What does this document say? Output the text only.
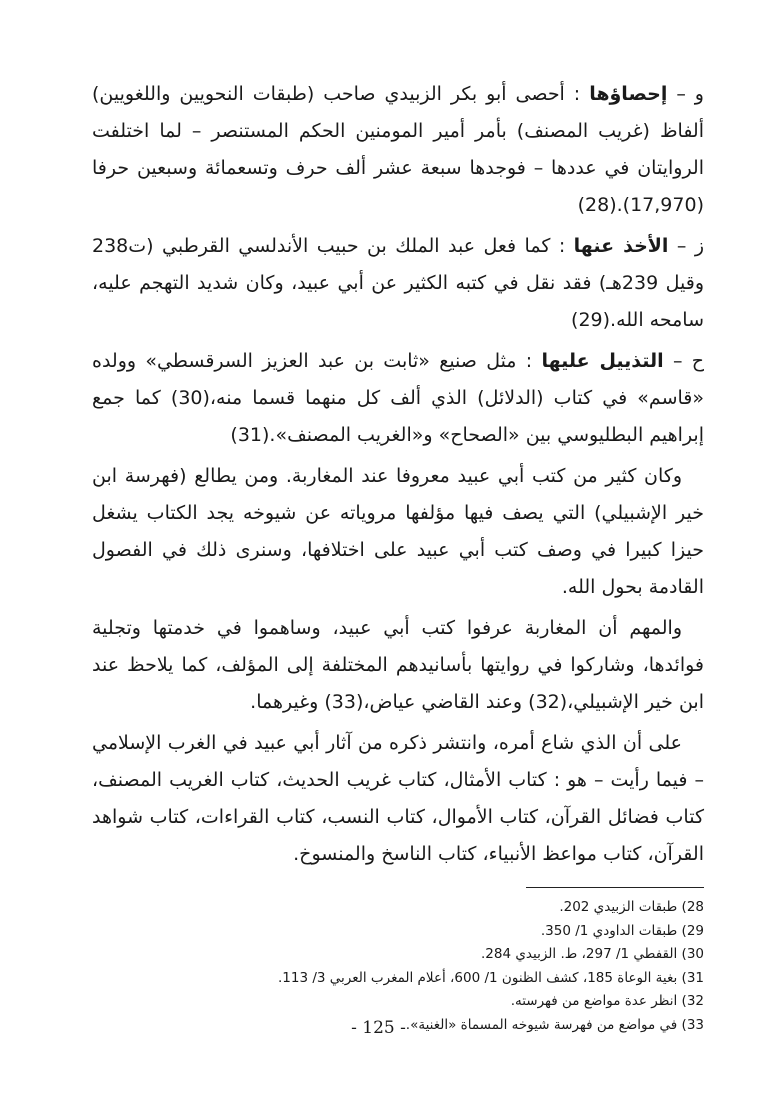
و – إحصاؤها : أحصى أبو بكر الزبيدي صاحب (طبقات النحويين واللغويين) ألفاظ (غريب المصنف) بأمر أمير المومنين الحكم المستنصر – لما اختلفت الروايتان في عددها – فوجدها سبعة عشر ألف حرف وتسعمائة وسبعين حرفا (17,970).(28)

ز – الأخذ عنها : كما فعل عبد الملك بن حبيب الأندلسي القرطبي (ت238 وقيل 239هـ) فقد نقل في كتبه الكثير عن أبي عبيد، وكان شديد التهجم عليه، سامحه الله.(29)

ح – التذييل عليها : مثل صنيع «ثابت بن عبد العزيز السرقسطي» وولده «قاسم» في كتاب (الدلائل) الذي ألف كل منهما قسما منه،(30) كما جمع إبراهيم البطليوسي بين «الصحاح» و«الغريب المصنف».(31)

وكان كثير من كتب أبي عبيد معروفا عند المغاربة. ومن يطالع (فهرسة ابن خير الإشبيلي) التي يصف فيها مؤلفها مروياته عن شيوخه يجد الكتاب يشغل حيزا كبيرا في وصف كتب أبي عبيد على اختلافها، وسنرى ذلك في الفصول القادمة بحول الله.

والمهم أن المغاربة عرفوا كتب أبي عبيد، وساهموا في خدمتها وتجلية فوائدها، وشاركوا في روايتها بأسانيدهم المختلفة إلى المؤلف، كما يلاحظ عند ابن خير الإشبيلي،(32) وعند القاضي عياض،(33) وغيرهما.

على أن الذي شاع أمره، وانتشر ذكره من آثار أبي عبيد في الغرب الإسلامي – فيما رأيت – هو : كتاب الأمثال، كتاب غريب الحديث، كتاب الغريب المصنف، كتاب فضائل القرآن، كتاب الأموال، كتاب النسب، كتاب القراءات، كتاب شواهد القرآن، كتاب مواعظ الأنبياء، كتاب الناسخ والمنسوخ.

28) طبقات الزبيدي 202.
29) طبقات الداودي 1/ 350.
30) القفطي 1/ 297، ط. الزبيدي 284.
31) بغية الوعاة 185، كشف الظنون 1/ 600، أعلام المغرب العربي 3/ 113.
32) انظر عدة مواضع من فهرسته.
33) في مواضع من فهرسة شيوخه المسماة «الغنية».
- 125 -
